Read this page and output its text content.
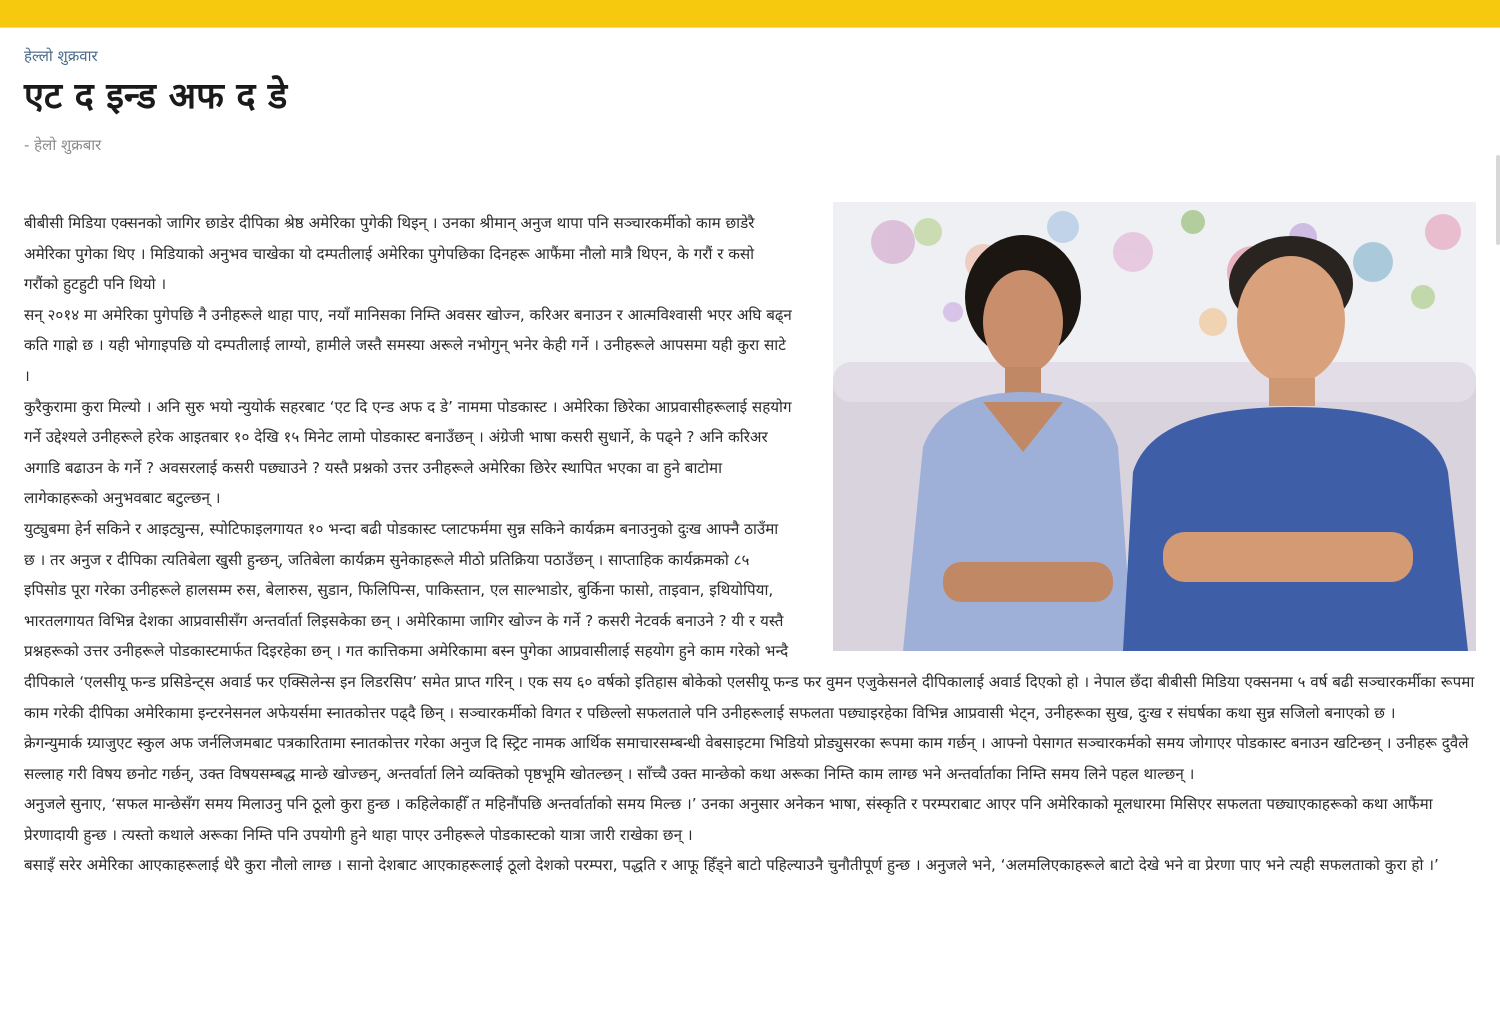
हेल्लो शुक्रवार
एट द इन्ड अफ द डे
- हेलो शुक्रबार

बीबीसी मिडिया एक्सनको जागिर छाडेर दीपिका श्रेष्ठ अमेरिका पुगेकी थिइन् । उनका श्रीमान् अनुज थापा पनि सञ्चारकर्मीको काम छाडेरै अमेरिका पुगेका थिए । मिडियाको अनुभव चाखेका यो दम्पतीलाई अमेरिका पुगेपछिका दिनहरू आफैंमा नौलो मात्रै थिएन, के गरौं र कसो गरौंको हुटहुटी पनि थियो ।

सन् २०१४ मा अमेरिका पुगेपछि नै उनीहरूले थाहा पाए, नयाँ मानिसका निम्ति अवसर खोज्न, करिअर बनाउन र आत्मविश्वासी भएर अघि बढ्न कति गाह्रो छ । यही भोगाइपछि यो दम्पतीलाई लाग्यो, हामीले जस्तै समस्या अरूले नभोगुन् भनेर केही गर्ने । उनीहरूले आपसमा यही कुरा साटे ।

कुरैकुरामा कुरा मिल्यो । अनि सुरु भयो न्युयोर्क सहरबाट ‘एट दि एन्ड अफ द डे’ नाममा पोडकास्ट । अमेरिका छिरेका आप्रवासीहरूलाई सहयोग गर्ने उद्देश्यले उनीहरूले हरेक आइतबार १० देखि १५ मिनेट लामो पोडकास्ट बनाउँछन् । अंग्रेजी भाषा कसरी सुधार्ने, के पढ्ने ? अनि करिअर अगाडि बढाउन के गर्ने ? अवसरलाई कसरी पछ्याउने ? यस्तै प्रश्नको उत्तर उनीहरूले अमेरिका छिरेर स्थापित भएका वा हुने बाटोमा लागेकाहरूको अनुभवबाट बटुल्छन् ।

युट्युबमा हेर्न सकिने र आइट्युन्स, स्पोटिफाइलगायत १० भन्दा बढी पोडकास्ट प्लाटफर्ममा सुन्न सकिने कार्यक्रम बनाउनुको दुःख आफ्नै ठाउँमा छ । तर अनुज र दीपिका त्यतिबेला खुसी हुन्छन्, जतिबेला कार्यक्रम सुनेकाहरूले मीठो प्रतिक्रिया पठाउँछन् । साप्ताहिक कार्यक्रमको ८५ इपिसोड पूरा गरेका उनीहरूले हालसम्म रुस, बेलारुस, सुडान, फिलिपिन्स, पाकिस्तान, एल साल्भाडोर, बुर्किना फासो, ताइवान, इथियोपिया, भारतलगायत विभिन्न देशका आप्रवासीसँग अन्तर्वार्ता लिइसकेका छन् । अमेरिकामा जागिर खोज्न के गर्ने ? कसरी नेटवर्क बनाउने ? यी र यस्तै प्रश्नहरूको उत्तर उनीहरूले पोडकास्टमार्फत दिइरहेका छन् । गत कात्तिकमा अमेरिकामा बस्न पुगेका आप्रवासीलाई सहयोग हुने काम गरेको भन्दै दीपिकाले ‘एलसीयू फन्ड प्रसिडेन्ट्स अवार्ड फर एक्सिलेन्स इन लिडरसिप’ समेत प्राप्त गरिन् । एक सय ६० वर्षको इतिहास बोकेको एलसीयू फन्ड फर वुमन एजुकेसनले दीपिकालाई अवार्ड दिएको हो । नेपाल छँदा बीबीसी मिडिया एक्सनमा ५ वर्ष बढी सञ्चारकर्मीका रूपमा काम गरेकी दीपिका अमेरिकामा इन्टरनेसनल अफेयर्समा स्नातकोत्तर पढ्दै छिन् । सञ्चारकर्मीको विगत र पछिल्लो सफलताले पनि उनीहरूलाई सफलता पछ्याइरहेका विभिन्न आप्रवासी भेट्न, उनीहरूका सुख, दुःख र संघर्षका कथा सुन्न सजिलो बनाएको छ ।

क्रेगन्युमार्क ग्र्याजुएट स्कुल अफ जर्नलिजमबाट पत्रकारितामा स्नातकोत्तर गरेका अनुज दि स्ट्रिट नामक आर्थिक समाचारसम्बन्धी वेबसाइटमा भिडियो प्रोड्युसरका रूपमा काम गर्छन् । आफ्नो पेसागत सञ्चारकर्मको समय जोगाएर पोडकास्ट बनाउन खटिन्छन् । उनीहरू दुवैले सल्लाह गरी विषय छनोट गर्छन्, उक्त विषयसम्बद्ध मान्छे खोज्छन्, अन्तर्वार्ता लिने व्यक्तिको पृष्ठभूमि खोतल्छन् । साँच्चै उक्त मान्छेको कथा अरूका निम्ति काम लाग्छ भने अन्तर्वार्ताका निम्ति समय लिने पहल थाल्छन् ।

अनुजले सुनाए, ‘सफल मान्छेसँग समय मिलाउनु पनि ठूलो कुरा हुन्छ । कहिलेकाहीँ त महिनौंपछि अन्तर्वार्ताको समय मिल्छ ।’ उनका अनुसार अनेकन भाषा, संस्कृति र परम्पराबाट आएर पनि अमेरिकाको मूलधारमा मिसिएर सफलता पछ्याएकाहरूको कथा आफैंमा प्रेरणादायी हुन्छ । त्यस्तो कथाले अरूका निम्ति पनि उपयोगी हुने थाहा पाएर उनीहरूले पोडकास्टको यात्रा जारी राखेका छन् ।

बसाइँ सरेर अमेरिका आएकाहरूलाई धेरै कुरा नौलो लाग्छ । सानो देशबाट आएकाहरूलाई ठूलो देशको परम्परा, पद्धति र आफू हिँड्ने बाटो पहिल्याउनै चुनौतीपूर्ण हुन्छ । अनुजले भने, ‘अलमलिएकाहरूले बाटो देखे भने वा प्रेरणा पाए भने त्यही सफलताको कुरा हो ।’
